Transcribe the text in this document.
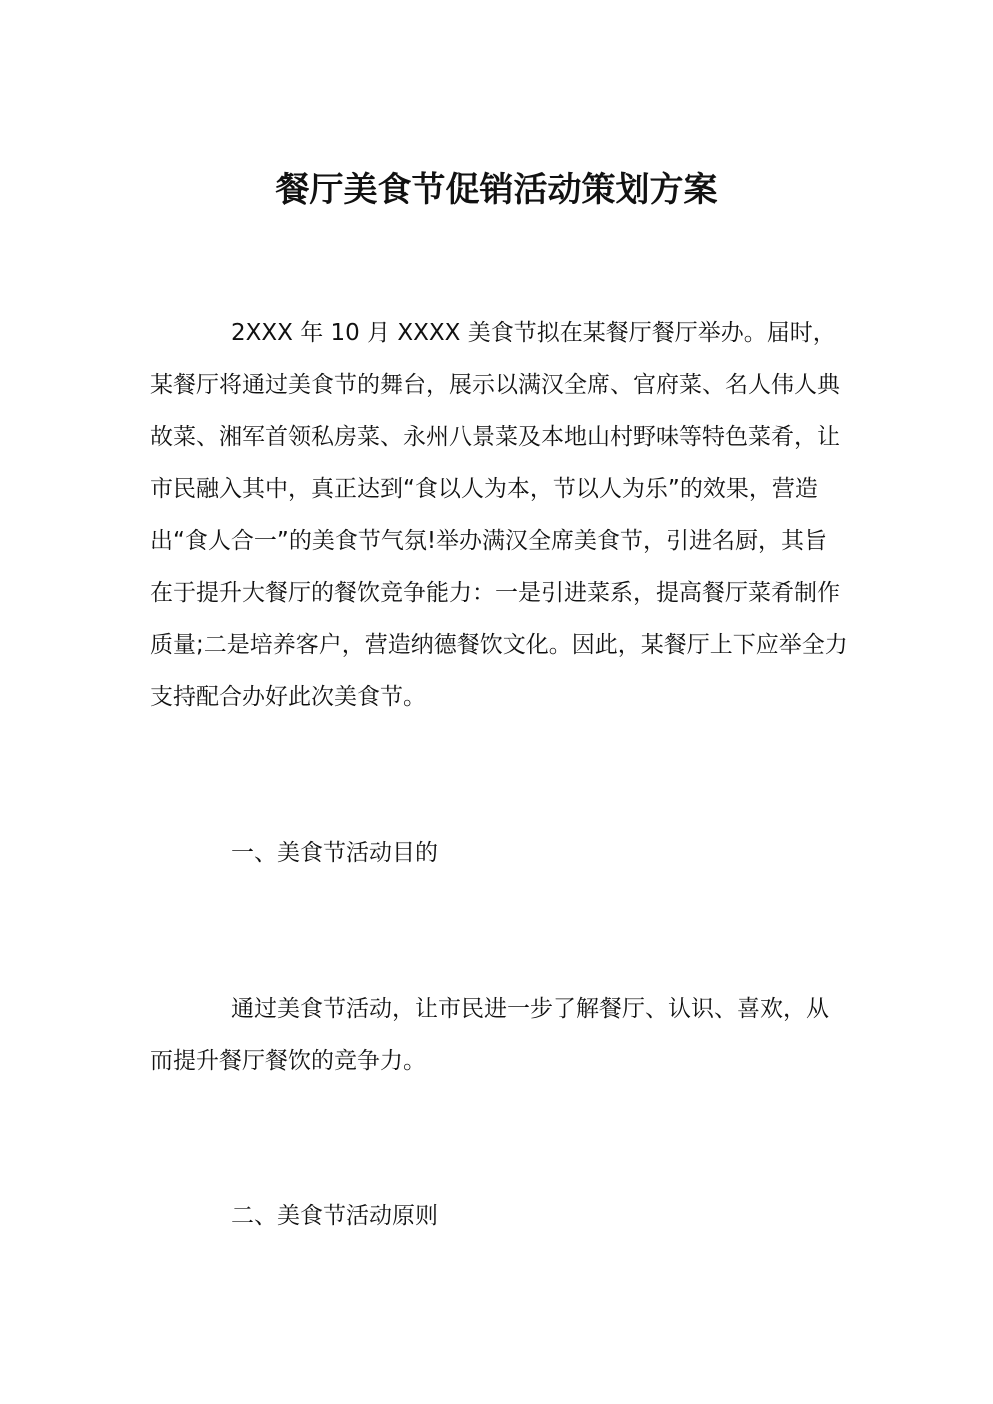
餐厅美食节促销活动策划方案

2XXX 年 10 月 XXXX 美食节拟在某餐厅餐厅举办。届时，某餐厅将通过美食节的舞台，展示以满汉全席、官府菜、名人伟人典故菜、湘军首领私房菜、永州八景菜及本地山村野味等特色菜肴，让市民融入其中，真正达到“食以人为本，节以人为乐”的效果，营造出“食人合一”的美食节气氛!举办满汉全席美食节，引进名厨，其旨在于提升大餐厅的餐饮竞争能力：一是引进菜系，提高餐厅菜肴制作质量;二是培养客户，营造纳德餐饮文化。因此，某餐厅上下应举全力支持配合办好此次美食节。

一、美食节活动目的

通过美食节活动，让市民进一步了解餐厅、认识、喜欢，从而提升餐厅餐饮的竞争力。

二、美食节活动原则
